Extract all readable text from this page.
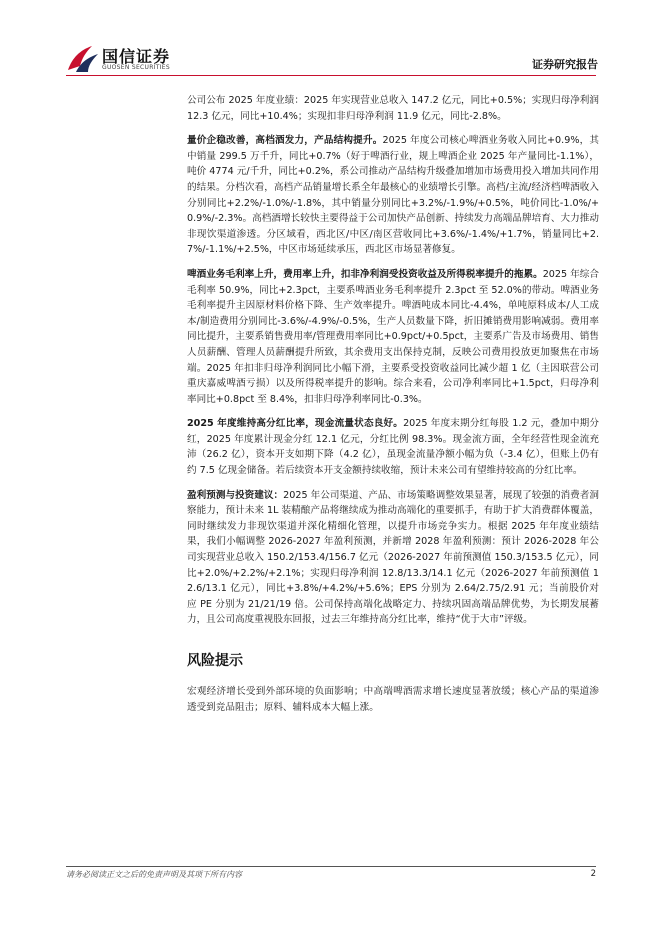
国信证券
GUOSEN SECURITIES	证券研究报告

公司公布 2025 年度业绩：2025 年实现营业总收入 147.2 亿元，同比+0.5%；实现归母净利润 12.3 亿元，同比+10.4%；实现扣非归母净利润 11.9 亿元，同比-2.8%。

量价企稳改善，高档酒发力，产品结构提升。2025 年度公司核心啤酒业务收入同比+0.9%，其中销量 299.5 万千升，同比+0.7%（好于啤酒行业，规上啤酒企业 2025 年产量同比-1.1%），吨价 4774 元/千升，同比+0.2%，系公司推动产品结构升级叠加增加市场费用投入增加共同作用的结果。分档次看，高档产品销量增长系全年最核心的业绩增长引擎。高档/主流/经济档啤酒收入分别同比+2.2%/-1.0%/-1.8%，其中销量分别同比+3.2%/-1.9%/+0.5%，吨价同比-1.0%/+0.9%/-2.3%。高档酒增长较快主要得益于公司加快产品创新、持续发力高端品牌培育、大力推动非现饮渠道渗透。分区域看，西北区/中区/南区营收同比+3.6%/-1.4%/+1.7%，销量同比+2.7%/-1.1%/+2.5%，中区市场延续承压，西北区市场显著修复。

啤酒业务毛利率上升，费用率上升，扣非净利润受投资收益及所得税率提升的拖累。2025 年综合毛利率 50.9%，同比+2.3pct，主要系啤酒业务毛利率提升 2.3pct 至 52.0%的带动。啤酒业务毛利率提升主因原材料价格下降、生产效率提升。啤酒吨成本同比-4.4%，单吨原料成本/人工成本/制造费用分别同比-3.6%/-4.9%/-0.5%，生产人员数量下降，折旧摊销费用影响减弱。费用率同比提升，主要系销售费用率/管理费用率同比+0.9pct/+0.5pct，主要系广告及市场费用、销售人员薪酬、管理人员薪酬提升所致，其余费用支出保持克制，反映公司费用投放更加聚焦在市场端。2025 年扣非归母净利润同比小幅下滑，主要系受投资收益同比减少超 1 亿（主因联营公司重庆嘉威啤酒亏损）以及所得税率提升的影响。综合来看，公司净利率同比+1.5pct，归母净利率同比+0.8pct 至 8.4%，扣非归母净利率同比-0.3%。

2025 年度维持高分红比率，现金流量状态良好。2025 年度末期分红每股 1.2 元，叠加中期分红，2025 年度累计现金分红 12.1 亿元，分红比例 98.3%。现金流方面，全年经营性现金流充沛（26.2 亿），资本开支如期下降（4.2 亿），虽现金流量净额小幅为负（-3.4 亿），但账上仍有约 7.5 亿现金储备。若后续资本开支金额持续收缩，预计未来公司有望维持较高的分红比率。

盈利预测与投资建议：2025 年公司渠道、产品、市场策略调整效果显著，展现了较强的消费者洞察能力，预计未来 1L 装精酿产品将继续成为推动高端化的重要抓手，有助于扩大消费群体覆盖，同时继续发力非现饮渠道并深化精细化管理，以提升市场竞争实力。根据 2025 年年度业绩结果，我们小幅调整 2026-2027 年盈利预测，并新增 2028 年盈利预测：预计 2026-2028 年公司实现营业总收入 150.2/153.4/156.7 亿元（2026-2027 年前预测值 150.3/153.5 亿元），同比+2.0%/+2.2%/+2.1%；实现归母净利润 12.8/13.3/14.1 亿元（2026-2027 年前预测值 12.6/13.1 亿元），同比+3.8%/+4.2%/+5.6%；EPS 分别为 2.64/2.75/2.91 元；当前股价对应 PE 分别为 21/21/19 倍。公司保持高端化战略定力、持续巩固高端品牌优势，为长期发展蓄力，且公司高度重视股东回报，过去三年维持高分红比率，维持“优于大市”评级。

风险提示

宏观经济增长受到外部环境的负面影响；中高端啤酒需求增长速度显著放缓；核心产品的渠道渗透受到竞品阻击；原料、辅料成本大幅上涨。

请务必阅读正文之后的免责声明及其项下所有内容	2
